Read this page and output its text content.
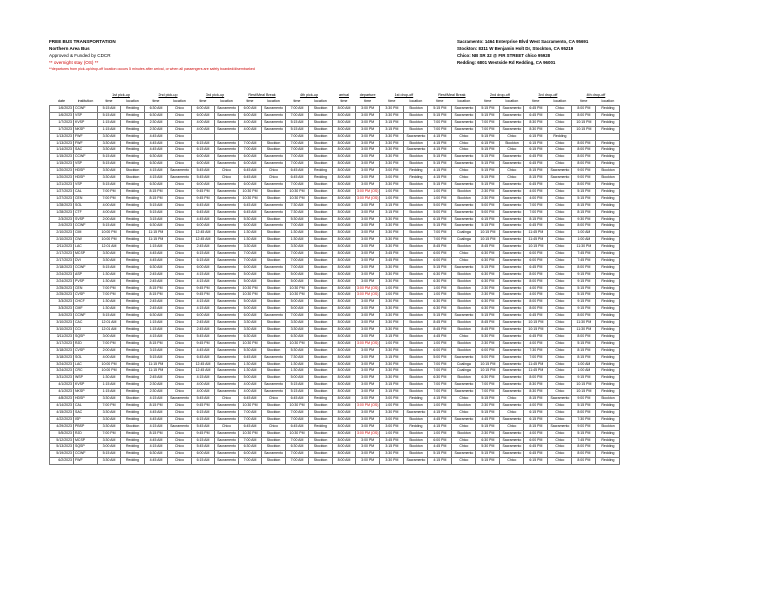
FREE BUS TRANSPORTATION
Northern Area Bus
Approved & Funded by CDCR
** overnight stay (OS) **
Sacramento: 1464 Enterprise Blvd West Sacramento, CA 95691
Stockton: 8311 W Benjamin Holt Dr, Stockton, CA 95219
Chico: NB SR 32 @ FIR STREET chico 95928
Redding: 6801 Westside Rd Redding, CA 96001
**departures from pick-up/drop-off location occurs 5 minutes after arrival, or when all passengers are safely boarded/disembarked
		1st pick-up		2nd pick-up		3rd pick-up		Rest/Meal Break		4th pick-up		arrival	departure	1st drop-off		Rest/Meal Break		2nd drop-off		3rd drop-off		4th drop-off	
date	institution	time	location	time	location	time	location	time	location	time	location	time	time	time	location	time	location	time	location	time	location	time	location
1/6/2023	CCWF	5:15 AM	Redding	6:30 AM	Chico	6:00 AM	Sacramento	6:00 AM	Sacramento	7:00 AM	Stockton	8:00 AM	3:00 PM	3:30 PM	Stockton	5:15 PM	Sacramento	5:15 PM	Sacramento	6:45 PM	Chico	8:00 PM	Redding
1/6/2023	VSP	5:15 AM	Redding	6:30 AM	Chico	6:00 AM	Sacramento	6:00 AM	Sacramento	7:00 AM	Stockton	8:00 AM	3:00 PM	3:30 PM	Stockton	5:15 PM	Sacramento	5:15 PM	Sacramento	6:45 PM	Chico	8:00 PM	Redding
1/7/2023	KVSP	1:15 AM	Redding	2:30 AM	Chico	4:00 AM	Sacramento	4:00 AM	Sacramento	5:15 AM	Stockton	8:00 AM	3:00 PM	3:15 PM	Stockton	7:00 PM	Sacramento	7:00 PM	Sacramento	8:30 PM	Chico	10:15 PM	Redding
1/7/2023	NKSP	1:15 AM	Redding	2:30 AM	Chico	4:00 AM	Sacramento	4:00 AM	Sacramento	5:15 AM	Stockton	8:00 AM	3:00 PM	3:15 PM	Stockton	7:00 PM	Sacramento	7:00 PM	Sacramento	8:30 PM	Chico	10:15 PM	Redding
1/13/2023	FWF	3:30 AM	Redding	4:45 AM	Chico					7:00 AM	Stockton	8:00 AM	3:00 PM	3:30 PM	Sacramento	4:15 PM	Chico	5:15 PM	Chico	6:15 PM	Redding		
1/13/2023	FWF	3:30 AM	Redding	4:45 AM	Chico	6:15 AM	Sacramento	7:00 AM	Stockton	7:00 AM	Stockton	8:00 AM	3:00 PM	3:30 PM	Stockton	4:15 PM	Chico	6:15 PM	Stockton	6:15 PM	Chico	8:00 PM	Redding
1/14/2023	SAC	3:30 AM	Redding	4:45 AM	Chico	6:15 AM	Sacramento	7:00 AM	Stockton	7:00 AM	Stockton	8:00 AM	3:00 PM	3:30 PM	Sacramento	4:15 PM	Chico	5:15 PM	Chico	6:15 PM	Chico	8:00 PM	Redding
1/15/2023	CCWF	5:15 AM	Redding	6:30 AM	Chico	6:00 AM	Sacramento	6:00 AM	Sacramento	7:00 AM	Stockton	8:00 AM	3:00 PM	3:30 PM	Stockton	5:15 PM	Sacramento	5:15 PM	Sacramento	6:45 PM	Chico	8:00 PM	Redding
1/15/2023	VSP	5:15 AM	Redding	6:30 AM	Chico	6:00 AM	Sacramento	6:00 AM	Sacramento	7:00 AM	Stockton	8:00 AM	3:00 PM	3:30 PM	Stockton	5:15 PM	Sacramento	5:15 PM	Sacramento	6:45 PM	Chico	8:00 PM	Redding
1/20/2023	HDSP	3:30 AM	Stockton	4:15 AM	Sacramento	5:45 AM	Chico	6:45 AM	Chico	6:45 AM	Redding	8:00 AM	3:00 PM	3:00 PM	Redding	4:15 PM	Chico	5:15 PM	Chico	8:15 PM	Sacramento	9:00 PM	Stockton
1/20/2023	HDSP	3:30 AM	Stockton	4:15 AM	Sacramento	5:45 AM	Chico	6:45 AM	Chico	6:45 AM	Redding	8:00 AM	3:00 PM	3:00 PM	Redding	4:15 PM	Chico	5:15 PM	Chico	8:15 PM	Sacramento	9:00 PM	Stockton
1/21/2023	VSP	5:15 AM	Redding	6:30 AM	Chico	6:00 AM	Sacramento	6:00 AM	Sacramento	7:00 AM	Stockton	8:00 AM	3:00 PM	3:30 PM	Stockton	5:15 PM	Sacramento	5:15 PM	Sacramento	6:45 PM	Chico	8:00 PM	Redding
1/27/2023	CAL	7:00 PM	Redding	8:15 PM	Chico	9:45 PM	Sacramento	10:30 PM	Stockton	10:30 PM	Stockton	8:00 AM	3:00 PM (OS)	1:00 PM	Stockton	1:00 PM	Stockton	2:30 PM	Sacramento	4:00 PM	Chico	5:15 PM	Redding
1/27/2023	CEN	7:00 PM	Redding	8:15 PM	Chico	9:45 PM	Sacramento	10:30 PM	Stockton	10:30 PM	Stockton	8:00 AM	3:00 PM (OS)	1:00 PM	Stockton	1:00 PM	Stockton	2:30 PM	Sacramento	4:00 PM	Chico	5:15 PM	Redding
1/28/2023	SOL	4:00 AM	Redding	5:15 AM	Chico	6:45 AM	Sacramento	6:45 AM	Sacramento	7:30 AM	Stockton	8:00 AM	3:00 PM	3:15 PM	Stockton	5:00 PM	Sacramento	5:00 PM	Sacramento	7:00 PM	Chico	8:15 PM	Redding
1/28/2023	CTF	4:00 AM	Redding	5:15 AM	Chico	6:45 AM	Sacramento	6:45 AM	Sacramento	7:30 AM	Stockton	8:00 AM	3:00 PM	3:15 PM	Stockton	5:00 PM	Sacramento	5:00 PM	Sacramento	7:00 PM	Chico	8:15 PM	Redding
2/3/2023	SVSP	2:00 AM	Redding	3:15 AM	Chico	4:45 AM	Sacramento	5:30 AM	Stockton	5:30 AM	Stockton	8:00 AM	3:00 PM	3:30 PM	Stockton	6:15 PM	Sacramento	6:15 PM	Sacramento	8:15 PM	Chico	9:30 PM	Redding
2/4/2023	CCWF	5:15 AM	Redding	6:30 AM	Chico	6:00 AM	Sacramento	6:00 AM	Sacramento	7:00 AM	Stockton	8:00 AM	3:00 PM	3:30 PM	Stockton	5:15 PM	Sacramento	5:15 PM	Sacramento	6:45 PM	Chico	8:00 PM	Redding
2/10/2023	CIM	10:00 PM	Redding	11:15 PM	Chico	12:45 AM	Sacramento	1:30 AM	Stockton	1:30 AM	Stockton	8:00 AM	3:00 PM	3:30 PM	Stockton	7:00 PM	Coalinga	10:15 PM	Sacramento	11:45 PM	Chico	1:00 AM	Redding
2/10/2023	CIW	10:00 PM	Redding	11:15 PM	Chico	12:45 AM	Sacramento	1:30 AM	Stockton	1:30 AM	Stockton	8:00 AM	3:00 PM	3:30 PM	Stockton	7:00 PM	Coalinga	10:15 PM	Sacramento	11:45 PM	Chico	1:00 AM	Redding
2/11/2023	LAC	12:01 AM	Redding	1:15 AM	Chico	2:45 AM	Sacramento	3:30 AM	Stockton	3:30 AM	Stockton	8:00 AM	3:00 PM	3:30 PM	Stockton	8:45 PM	Stockton	8:45 PM	Sacramento	10:15 PM	Chico	11:30 PM	Redding
2/17/2023	MCSP	3:30 AM	Redding	4:45 AM	Chico	6:15 AM	Sacramento	7:00 AM	Stockton	7:00 AM	Stockton	8:00 AM	3:00 PM	3:45 PM	Stockton	6:00 PM	Chico	6:30 PM	Sacramento	6:00 PM	Chico	7:45 PM	Redding
2/17/2023	DVI	3:30 AM	Redding	4:45 AM	Chico	6:15 AM	Sacramento	7:00 AM	Stockton	7:00 AM	Stockton	8:00 AM	3:00 PM	3:45 PM	Stockton	6:00 PM	Chico	6:30 PM	Sacramento	6:00 PM	Chico	7:45 PM	Redding
2/18/2023	CCWF	5:15 AM	Redding	6:30 AM	Chico	6:00 AM	Sacramento	6:00 AM	Sacramento	7:00 AM	Stockton	8:00 AM	3:00 PM	3:30 PM	Stockton	5:15 PM	Sacramento	5:15 PM	Sacramento	6:45 PM	Chico	8:00 PM	Redding
2/24/2023	ASP	1:30 AM	Redding	2:45 AM	Chico	4:15 AM	Sacramento	5:00 AM	Stockton	5:00 AM	Stockton	8:00 AM	3:00 PM	3:30 PM	Stockton	6:30 PM	Stockton	6:30 PM	Sacramento	8:00 PM	Chico	9:15 PM	Redding
2/24/2023	PVSP	1:30 AM	Redding	2:45 AM	Chico	4:15 AM	Sacramento	5:00 AM	Stockton	5:00 AM	Stockton	8:00 AM	3:00 PM	3:30 PM	Stockton	6:30 PM	Stockton	6:30 PM	Sacramento	8:00 PM	Chico	9:15 PM	Redding
2/25/2023	CEN	7:00 PM	Redding	8:15 PM	Chico	9:45 PM	Sacramento	10:30 PM	Stockton	10:30 PM	Stockton	8:00 AM	3:00 PM (OS)	1:00 PM	Stockton	1:00 PM	Stockton	2:30 PM	Sacramento	4:00 PM	Chico	5:15 PM	Redding
2/25/2023	CVSP	7:00 PM	Redding	8:15 PM	Chico	9:45 PM	Sacramento	10:30 PM	Stockton	10:30 PM	Stockton	8:00 AM	3:00 PM (OS)	1:00 PM	Stockton	1:00 PM	Stockton	2:30 PM	Sacramento	4:00 PM	Chico	5:15 PM	Redding
3/3/2023	CHCF	1:30 AM	Redding	2:45 AM	Chico	4:15 AM	Sacramento	5:00 AM	Stockton	5:00 AM	Stockton	8:00 AM	3:00 PM	3:30 PM	Stockton	6:30 PM	Stockton	6:30 PM	Sacramento	8:00 PM	Chico	9:15 PM	Redding
3/3/2023	CMF	1:30 AM	Redding	2:45 AM	Chico	4:15 AM	Sacramento	5:00 AM	Stockton	5:00 AM	Stockton	8:00 AM	3:00 PM	3:30 PM	Stockton	6:30 PM	Stockton	6:30 PM	Sacramento	8:00 PM	Chico	9:15 PM	Redding
3/4/2023	CCWF	5:15 AM	Redding	6:30 AM	Chico	6:00 AM	Sacramento	6:00 AM	Sacramento	7:00 AM	Stockton	8:00 AM	3:00 PM	3:30 PM	Stockton	5:15 PM	Sacramento	5:15 PM	Sacramento	6:45 PM	Chico	8:00 PM	Redding
3/10/2023	CAC	12:01 AM	Redding	1:15 AM	Chico	2:45 AM	Sacramento	3:30 AM	Stockton	3:30 AM	Stockton	8:00 AM	3:00 PM	3:30 PM	Stockton	8:45 PM	Stockton	8:45 PM	Sacramento	10:15 PM	Chico	11:30 PM	Redding
3/10/2023	CCI	12:01 AM	Redding	1:15 AM	Chico	2:45 AM	Sacramento	3:30 AM	Stockton	3:30 AM	Stockton	8:00 AM	3:00 PM	3:30 PM	Stockton	8:45 PM	Stockton	8:45 PM	Sacramento	10:15 PM	Chico	11:30 PM	Redding
3/11/2023	SQSP	3:00 AM	Redding	4:15 AM	Chico	5:45 AM	Sacramento	6:30 AM	Stockton	6:30 AM	Stockton	8:00 AM	3:00 PM	3:15 PM	Stockton	4:45 PM	Chico	5:30 PM	Sacramento	6:45 PM	Chico	8:00 PM	Redding
3/17/2023	RJD	7:00 PM	Redding	8:15 PM	Chico	9:45 PM	Sacramento	10:30 PM	Stockton	10:30 PM	Stockton	8:00 AM	3:00 PM (OS)	1:00 PM	Stockton	1:00 PM	Stockton	2:30 PM	Sacramento	4:00 PM	Chico	5:15 PM	Redding
3/18/2023	CVSP	2:00 AM	Redding	3:15 AM	Chico	4:45 AM	Sacramento	5:30 AM	Stockton	5:30 AM	Stockton	8:00 AM	3:00 PM	3:30 PM	Stockton	6:00 PM	Stockton	6:00 PM	Sacramento	7:30 PM	Chico	8:15 PM	Redding
3/18/2023	SOL	4:00 AM	Redding	5:15 AM	Chico	6:45 AM	Sacramento	6:45 AM	Sacramento	7:30 AM	Stockton	8:00 AM	3:00 PM	3:15 PM	Stockton	5:00 PM	Sacramento	5:00 PM	Sacramento	7:00 PM	Chico	8:15 PM	Redding
3/24/2023	LAC	10:00 PM	Redding	11:15 PM	Chico	12:45 AM	Sacramento	1:30 AM	Stockton	1:30 AM	Stockton	8:00 AM	3:00 PM	3:30 PM	Stockton	7:00 PM	Coalinga	10:15 PM	Sacramento	11:45 PM	Chico	1:00 AM	Redding
3/24/2023	CRC	10:00 PM	Redding	11:15 PM	Chico	12:45 AM	Sacramento	1:30 AM	Stockton	1:30 AM	Stockton	8:00 AM	3:00 PM	3:30 PM	Stockton	7:00 PM	Coalinga	10:15 PM	Sacramento	11:45 PM	Chico	1:00 AM	Redding
3/31/2023	WSP	1:30 AM	Redding	2:45 AM	Chico	4:15 AM	Sacramento	5:00 AM	Stockton	5:00 AM	Stockton	8:00 AM	3:00 PM	3:30 PM	Stockton	6:30 PM	Stockton	6:30 PM	Sacramento	8:00 PM	Chico	9:15 PM	Redding
4/1/2023	KVSP	1:15 AM	Redding	2:30 AM	Chico	4:00 AM	Sacramento	4:00 AM	Sacramento	5:15 AM	Stockton	8:00 AM	3:00 PM	3:15 PM	Stockton	7:00 PM	Sacramento	7:00 PM	Sacramento	8:30 PM	Chico	10:15 PM	Redding
4/1/2023	NKSP	1:15 AM	Redding	2:30 AM	Chico	4:00 AM	Sacramento	4:00 AM	Sacramento	5:15 AM	Stockton	8:00 AM	3:00 PM	3:15 PM	Stockton	7:00 PM	Sacramento	7:00 PM	Sacramento	8:30 PM	Chico	10:15 PM	Redding
4/8/2023	HDSP	3:30 AM	Stockton	4:15 AM	Sacramento	5:45 AM	Chico	6:45 AM	Chico	6:45 AM	Redding	8:00 AM	3:00 PM	3:00 PM	Redding	4:15 PM	Chico	5:15 PM	Chico	8:15 PM	Sacramento	9:00 PM	Stockton
4/14/2023	CAL	7:00 PM	Redding	8:15 PM	Chico	9:45 PM	Sacramento	10:30 PM	Stockton	10:30 PM	Stockton	8:00 AM	3:00 PM (OS)	1:00 PM	Stockton	1:00 PM	Stockton	2:30 PM	Sacramento	4:00 PM	Chico	5:15 PM	Redding
4/15/2023	SAC	3:30 AM	Redding	4:45 AM	Chico	6:15 AM	Sacramento	7:00 AM	Stockton	7:00 AM	Stockton	8:00 AM	3:00 PM	3:30 PM	Sacramento	4:15 PM	Chico	5:15 PM	Chico	6:15 PM	Chico	8:00 PM	Redding
4/22/2023	ISP	3:30 AM	Redding	4:45 AM	Chico	6:15 AM	Sacramento	7:00 AM	Stockton	7:00 AM	Stockton	8:00 AM	3:00 PM	3:00 PM	Stockton	4:45 PM	Sacramento	4:45 PM	Sacramento	6:15 PM	Chico	7:30 PM	Redding
4/29/2023	PBSP	3:30 AM	Stockton	4:15 AM	Sacramento	5:45 AM	Chico	6:45 AM	Chico	6:45 AM	Redding	8:00 AM	3:00 PM	3:00 PM	Redding	4:15 PM	Chico	5:15 PM	Chico	8:15 PM	Sacramento	9:00 PM	Stockton
5/5/2023	RJD	7:00 PM	Redding	8:15 PM	Chico	9:45 PM	Sacramento	10:30 PM	Stockton	10:30 PM	Stockton	8:00 AM	3:00 PM (OS)	1:00 PM	Stockton	1:00 PM	Stockton	2:30 PM	Sacramento	4:00 PM	Chico	5:15 PM	Redding
5/12/2023	MCSP	3:30 AM	Redding	4:45 AM	Chico	6:15 AM	Sacramento	7:00 AM	Stockton	7:00 AM	Stockton	8:00 AM	3:00 PM	3:45 PM	Stockton	6:00 PM	Chico	6:30 PM	Sacramento	6:00 PM	Chico	7:45 PM	Redding
5/13/2023	SQSP	3:00 AM	Redding	4:15 AM	Chico	5:45 AM	Sacramento	6:30 AM	Stockton	6:30 AM	Stockton	8:00 AM	3:00 PM	3:15 PM	Stockton	4:45 PM	Chico	5:30 PM	Sacramento	6:45 PM	Chico	8:00 PM	Redding
5/19/2023	CCWF	5:15 AM	Redding	6:30 AM	Chico	6:00 AM	Sacramento	6:00 AM	Sacramento	7:00 AM	Stockton	8:00 AM	3:00 PM	3:30 PM	Stockton	5:15 PM	Sacramento	5:15 PM	Sacramento	6:45 PM	Chico	8:00 PM	Redding
6/2/2023	FWF	3:30 AM	Redding	4:45 AM	Chico	6:15 AM	Sacramento	7:00 AM	Stockton	7:00 AM	Stockton	8:00 AM	3:00 PM	3:30 PM	Sacramento	4:15 PM	Chico	5:15 PM	Chico	6:15 PM	Chico	8:00 PM	Redding
